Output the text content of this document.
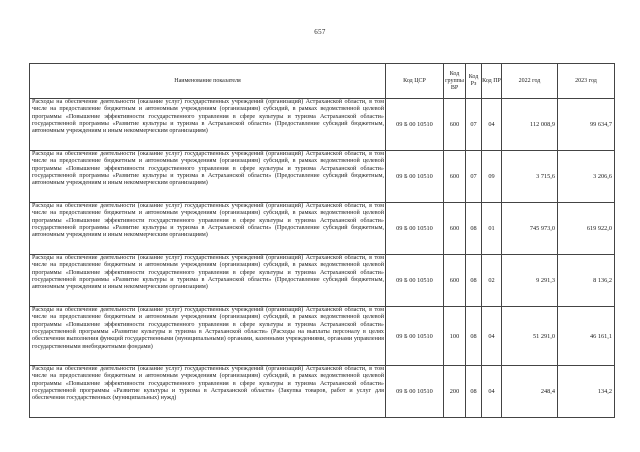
657
Наименование показателя	Код ЦСР	Код группы ВР	Код Рз	Код ПР	2022 год	2023 год
Расходы на обеспечение деятельности (оказание услуг) государственных учреждений (организаций) Астраханской области, в том числе на предоставление бюджетным и автономным учреждениям (организациям) субсидий, в рамках ведомственной целевой программы «Повышение эффективности государственного управления в сфере культуры и туризма Астраханской области» государственной программы «Развитие культуры и туризма в Астраханской области» (Предоставление субсидий бюджетным, автономным учреждениям и иным некоммерческим организациям)	09 Б 00 10510	600	07	04	112 008,9	99 634,7
Расходы на обеспечение деятельности (оказание услуг) государственных учреждений (организаций) Астраханской области, в том числе на предоставление бюджетным и автономным учреждениям (организациям) субсидий, в рамках ведомственной целевой программы «Повышение эффективности государственного управления в сфере культуры и туризма Астраханской области» государственной программы «Развитие культуры и туризма в Астраханской области» (Предоставление субсидий бюджетным, автономным учреждениям и иным некоммерческим организациям)	09 Б 00 10510	600	07	09	3 715,6	3 206,6
Расходы на обеспечение деятельности (оказание услуг) государственных учреждений (организаций) Астраханской области, в том числе на предоставление бюджетным и автономным учреждениям (организациям) субсидий, в рамках ведомственной целевой программы «Повышение эффективности государственного управления в сфере культуры и туризма Астраханской области» государственной программы «Развитие культуры и туризма в Астраханской области» (Предоставление субсидий бюджетным, автономным учреждениям и иным некоммерческим организациям)	09 Б 00 10510	600	08	01	745 973,0	619 922,0
Расходы на обеспечение деятельности (оказание услуг) государственных учреждений (организаций) Астраханской области, в том числе на предоставление бюджетным и автономным учреждениям (организациям) субсидий, в рамках ведомственной целевой программы «Повышение эффективности государственного управления в сфере культуры и туризма Астраханской области» государственной программы «Развитие культуры и туризма в Астраханской области» (Предоставление субсидий бюджетным, автономным учреждениям и иным некоммерческим организациям)	09 Б 00 10510	600	08	02	9 291,3	8 136,2
Расходы на обеспечение деятельности (оказание услуг) государственных учреждений (организаций) Астраханской области, в том числе на предоставление бюджетным и автономным учреждениям (организациям) субсидий, в рамках ведомственной целевой программы «Повышение эффективности государственного управления в сфере культуры и туризма Астраханской области» государственной программы «Развитие культуры и туризма в Астраханской области» (Расходы на выплаты персоналу в целях обеспечения выполнения функций государственными (муниципальными) органами, казенными учреждениями, органами управления государственными внебюджетными фондами)	09 Б 00 10510	100	08	04	51 291,0	46 161,1
Расходы на обеспечение деятельности (оказание услуг) государственных учреждений (организаций) Астраханской области, в том числе на предоставление бюджетным и автономным учреждениям (организациям) субсидий, в рамках ведомственной целевой программы «Повышение эффективности государственного управления в сфере культуры и туризма Астраханской области» государственной программы «Развитие культуры и туризма в Астраханской области» (Закупка товаров, работ и услуг для обеспечения государственных (муниципальных) нужд)	09 Б 00 10510	200	08	04	248,4	134,2
